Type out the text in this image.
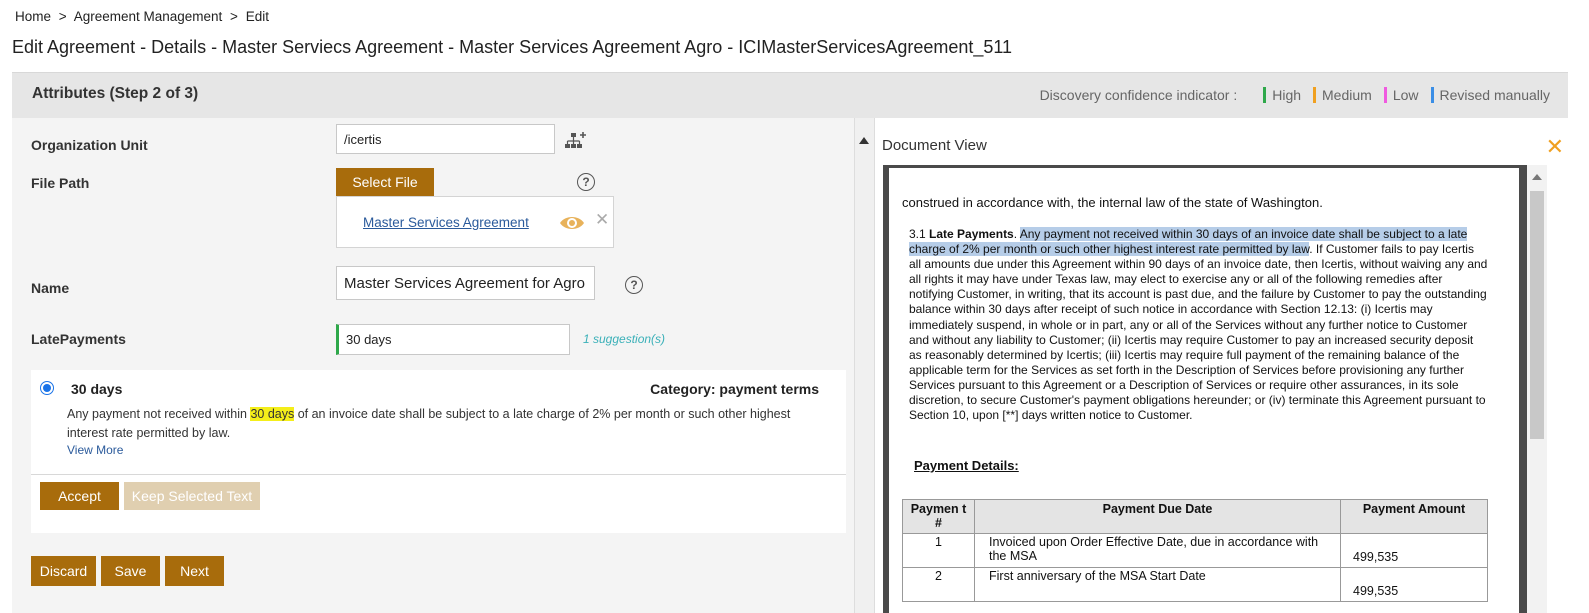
Home > Agreement Management > Edit
Edit Agreement - Details - Master Serviecs Agreement - Master Services Agreement Agro - ICIMasterServicesAgreement_511
Attributes (Step 2 of 3)	Discovery confidence indicator :	High Medium Low Revised manually
Organization Unit	/icertis
File Path	Select File	?
Master Services Agreement	✕
Name	Master Services Agreement for Agro	?
LatePayments	30 days	1 suggestion(s)
30 days	Category: payment terms
Any payment not received within 30 days of an invoice date shall be subject to a late charge of 2% per month or such other highest
interest rate permitted by law.
View More
Accept	Keep Selected Text
Discard	Save	Next
Document View	✕
construed in accordance with, the internal law of the state of Washington.
3.1 Late Payments. Any payment not received within 30 days of an invoice date shall be subject to a late charge of 2% per month or such other highest interest rate permitted by law. If Customer fails to pay Icertis all amounts due under this Agreement within 90 days of an invoice date, then Icertis, without waiving any and all rights it may have under Texas law, may elect to exercise any or all of the following remedies after notifying Customer, in writing, that its account is past due, and the failure by Customer to pay the outstanding balance within 30 days after receipt of such notice in accordance with Section 12.13: (i) Icertis may immediately suspend, in whole or in part, any or all of the Services without any further notice to Customer and without any liability to Customer; (ii) Icertis may require Customer to pay an increased security deposit as reasonably determined by Icertis; (iii) Icertis may require full payment of the remaining balance of the applicable term for the Services as set forth in the Description of Services before provisioning any further Services pursuant to this Agreement or a Description of Services or require other assurances, in its sole discretion, to secure Customer's payment obligations hereunder; or (iv) terminate this Agreement pursuant to Section 10, upon [**] days written notice to Customer.
Payment Details:
Paymen t #	Payment Due Date	Payment Amount
1	Invoiced upon Order Effective Date, due in accordance with the MSA	499,535
2	First anniversary of the MSA Start Date	499,535
